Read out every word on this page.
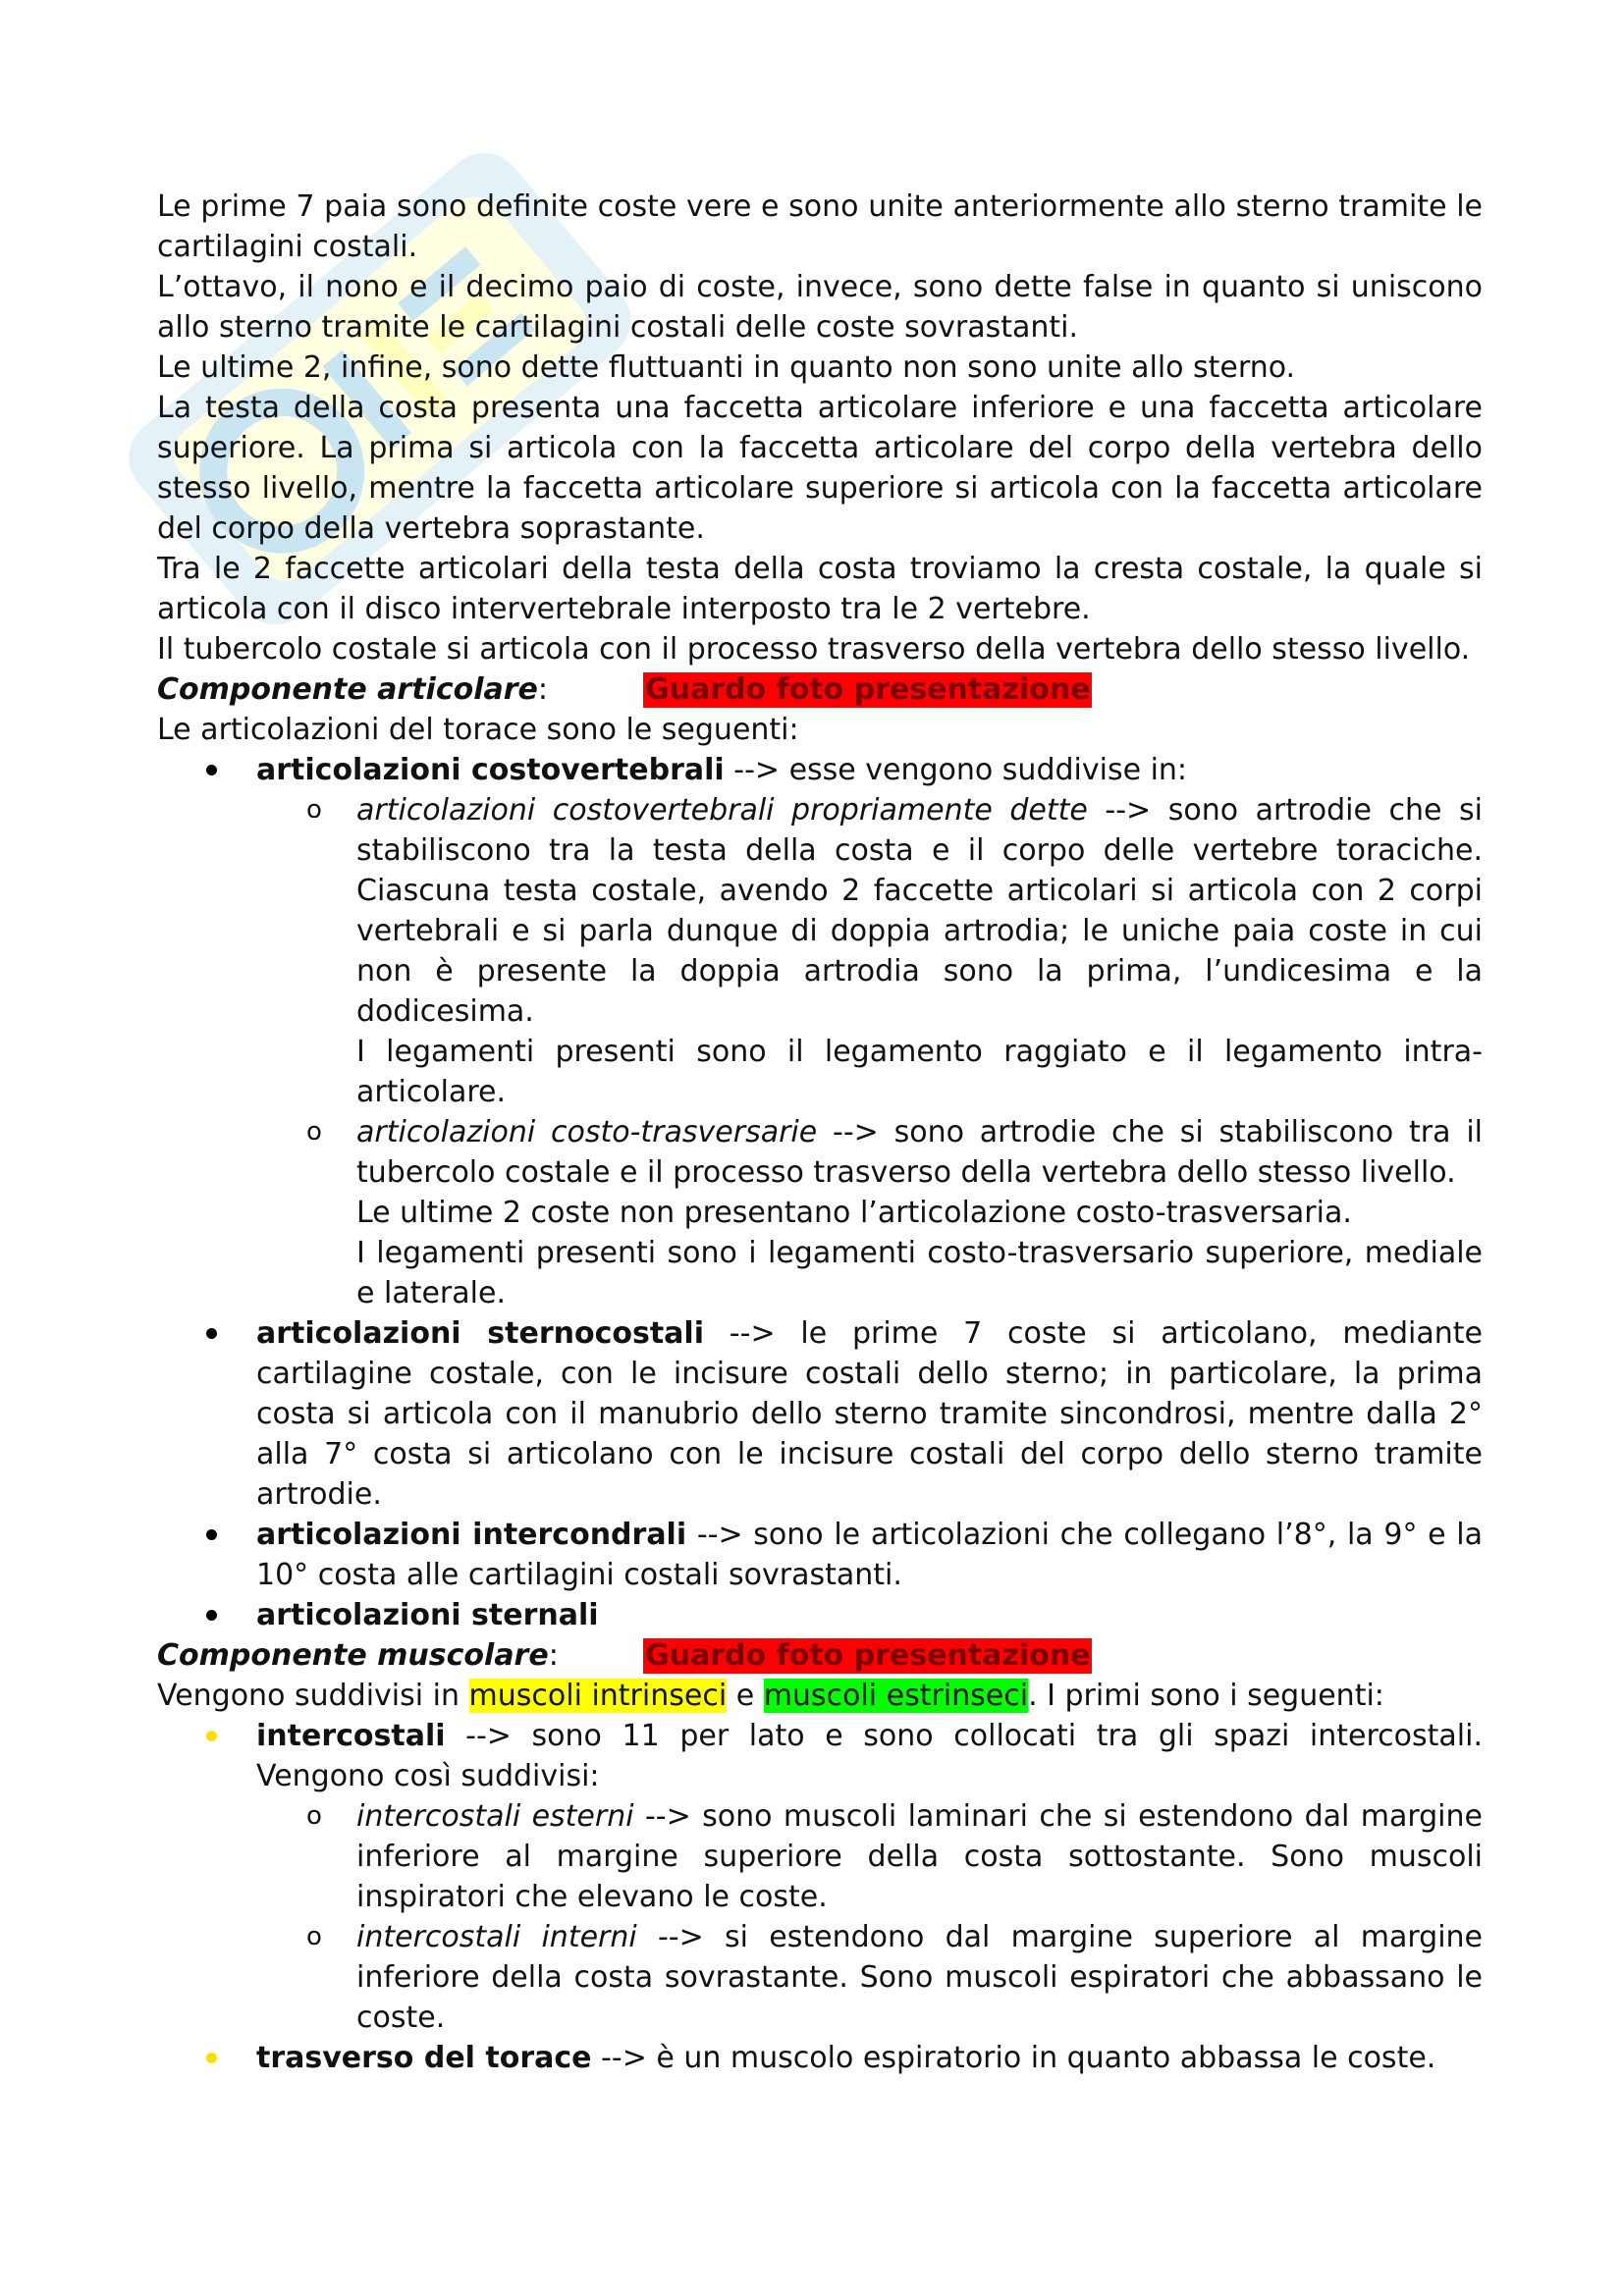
Le prime 7 paia sono definite coste vere e sono unite anteriormente allo sterno tramite le cartilagini costali.

L’ottavo, il nono e il decimo paio di coste, invece, sono dette false in quanto si uniscono allo sterno tramite le cartilagini costali delle coste sovrastanti.

Le ultime 2, infine, sono dette fluttuanti in quanto non sono unite allo sterno.

La testa della costa presenta una faccetta articolare inferiore e una faccetta articolare superiore. La prima si articola con la faccetta articolare del corpo della vertebra dello stesso livello, mentre la faccetta articolare superiore si articola con la faccetta articolare del corpo della vertebra soprastante.

Tra le 2 faccette articolari della testa della costa troviamo la cresta costale, la quale si articola con il disco intervertebrale interposto tra le 2 vertebre.

Il tubercolo costale si articola con il processo trasverso della vertebra dello stesso livello.

Componente articolare:	Guardo foto presentazione

Le articolazioni del torace sono le seguenti:

articolazioni costovertebrali --> esse vengono suddivise in:
o articolazioni costovertebrali propriamente dette --> sono artrodie che si stabiliscono tra la testa della costa e il corpo delle vertebre toraciche. Ciascuna testa costale, avendo 2 faccette articolari si articola con 2 corpi vertebrali e si parla dunque di doppia artrodia; le uniche paia coste in cui non è presente la doppia artrodia sono la prima, l’undicesima e la dodicesima.
I legamenti presenti sono il legamento raggiato e il legamento intra-articolare.
o articolazioni costo-trasversarie --> sono artrodie che si stabiliscono tra il tubercolo costale e il processo trasverso della vertebra dello stesso livello.
Le ultime 2 coste non presentano l’articolazione costo-trasversaria.
I legamenti presenti sono i legamenti costo-trasversario superiore, mediale e laterale.
articolazioni sternocostali --> le prime 7 coste si articolano, mediante cartilagine costale, con le incisure costali dello sterno; in particolare, la prima costa si articola con il manubrio dello sterno tramite sincondrosi, mentre dalla 2° alla 7° costa si articolano con le incisure costali del corpo dello sterno tramite artrodie.
articolazioni intercondrali --> sono le articolazioni che collegano l’8°, la 9° e la 10° costa alle cartilagini costali sovrastanti.
articolazioni sternali

Componente muscolare:	Guardo foto presentazione

Vengono suddivisi in muscoli intrinseci e muscoli estrinseci. I primi sono i seguenti:

intercostali --> sono 11 per lato e sono collocati tra gli spazi intercostali. Vengono così suddivisi:
o intercostali esterni --> sono muscoli laminari che si estendono dal margine inferiore al margine superiore della costa sottostante. Sono muscoli inspiratori che elevano le coste.
o intercostali interni --> si estendono dal margine superiore al margine inferiore della costa sovrastante. Sono muscoli espiratori che abbassano le coste.
trasverso del torace --> è un muscolo espiratorio in quanto abbassa le coste.
